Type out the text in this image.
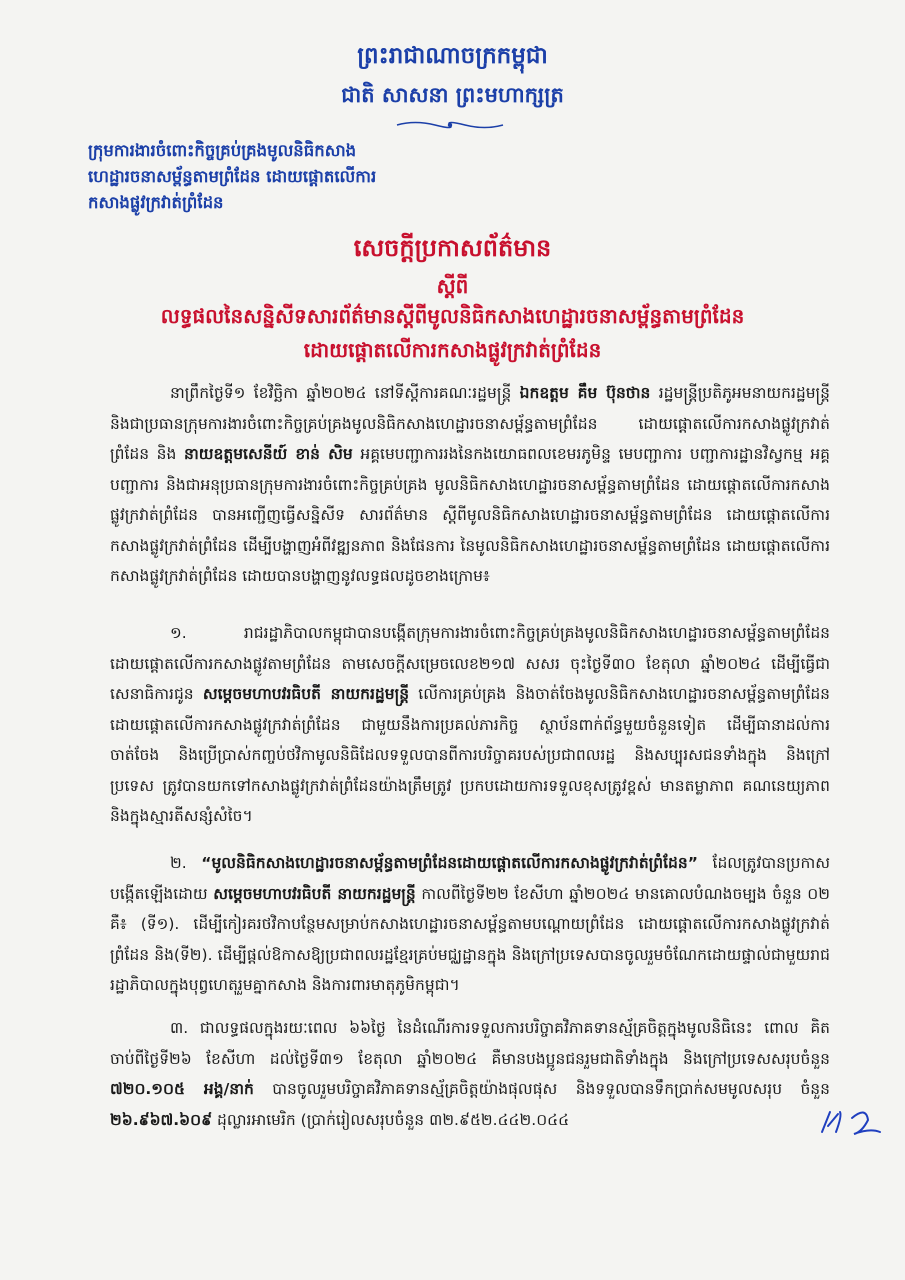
ព្រះរាជាណាចក្រកម្ពុជា
ជាតិ សាសនា ព្រះមហាក្សត្រ
ក្រុមការងារចំពោះកិច្ចគ្រប់គ្រងមូលនិធិកសាង
ហេដ្ឋារចនាសម្ព័ន្ធតាមព្រំដែន ដោយផ្តោតលើការ
កសាងផ្លូវក្រវាត់ព្រំដែន
សេចក្តីប្រកាសព័ត៌មាន
ស្តីពី
លទ្ធផលនៃសន្និសីទសារព័ត៌មានស្តីពីមូលនិធិកសាងហេដ្ឋារចនាសម្ព័ន្ធតាមព្រំដែន
ដោយផ្តោតលើការកសាងផ្លូវក្រវាត់ព្រំដែន
នាព្រឹកថ្ងៃទី១ ខែវិច្ឆិកា ឆ្នាំ២០២៤ នៅទីស្តីការគណៈរដ្ឋមន្ត្រី ឯកឧត្តម គឹម ប៊ុនថាន រដ្ឋមន្ត្រីប្រតិភូអមនាយករដ្ឋមន្ត្រី និងជាប្រធានក្រុមការងារចំពោះកិច្ចគ្រប់គ្រងមូលនិធិកសាងហេដ្ឋារចនាសម្ព័ន្ធតាមព្រំដែន ដោយផ្តោតលើការកសាងផ្លូវក្រវាត់ព្រំដែន និង នាយឧត្តមសេនីយ៍ ខាន់ សិម អគ្គមេបញ្ជាការរងនៃកងយោធពលខេមរភូមិន្ទ មេបញ្ជាការ បញ្ជាការដ្ឋានវិស្វកម្ម អគ្គបញ្ជាការ និងជាអនុប្រធានក្រុមការងារចំពោះកិច្ចគ្រប់គ្រង មូលនិធិកសាងហេដ្ឋារចនាសម្ព័ន្ធតាមព្រំដែន ដោយផ្តោតលើការកសាងផ្លូវក្រវាត់ព្រំដែន បានអញ្ជើញធ្វើសន្និសីទ សារព័ត៌មាន ស្តីពីមូលនិធិកសាងហេដ្ឋារចនាសម្ព័ន្ធតាមព្រំដែន ដោយផ្តោតលើការកសាងផ្លូវក្រវាត់ព្រំដែន ដើម្បីបង្ហាញអំពីវឌ្ឍនភាព និងផែនការ នៃមូលនិធិកសាងហេដ្ឋារចនាសម្ព័ន្ធតាមព្រំដែន ដោយផ្តោតលើការកសាងផ្លូវក្រវាត់ព្រំដែន ដោយបានបង្ហាញនូវលទ្ធផលដូចខាងក្រោម៖
១. រាជរដ្ឋាភិបាលកម្ពុជាបានបង្កើតក្រុមការងារចំពោះកិច្ចគ្រប់គ្រងមូលនិធិកសាងហេដ្ឋារចនាសម្ព័ន្ធតាមព្រំដែន ដោយផ្តោតលើការកសាងផ្លូវតាមព្រំដែន តាមសេចក្តីសម្រេចលេខ២១៧ សសរ ចុះថ្ងៃទី៣០ ខែតុលា ឆ្នាំ២០២៤ ដើម្បីធ្វើជាសេនាធិការជូន សម្តេចមហាបវរធិបតី នាយករដ្ឋមន្ត្រី លើការគ្រប់គ្រង និងចាត់ចែងមូលនិធិកសាងហេដ្ឋារចនាសម្ព័ន្ធតាមព្រំដែន ដោយផ្តោតលើការកសាងផ្លូវក្រវាត់ព្រំដែន ជាមួយនឹងការប្រគល់ភារកិច្ច ស្ថាប័នពាក់ព័ន្ធមួយចំនួនទៀត ដើម្បីធានាដល់ការចាត់ចែង និងប្រើប្រាស់កញ្ចប់ថវិកាមូលនិធិដែលទទួលបានពីការបរិច្ចាគរបស់ប្រជាពលរដ្ឋ និងសប្បុរសជនទាំងក្នុង និងក្រៅប្រទេស ត្រូវបានយកទៅកសាងផ្លូវក្រវាត់ព្រំដែនយ៉ាងត្រឹមត្រូវ ប្រកបដោយការទទួលខុសត្រូវខ្ពស់ មានតម្លាភាព គណនេយ្យភាព និងក្នុងស្មារតីសន្សំសំចៃ។
២. “មូលនិធិកសាងហេដ្ឋារចនាសម្ព័ន្ធតាមព្រំដែនដោយផ្តោតលើការកសាងផ្លូវក្រវាត់ព្រំដែន” ដែលត្រូវបានប្រកាសបង្កើតឡើងដោយ សម្តេចមហាបវរធិបតី នាយករដ្ឋមន្ត្រី កាលពីថ្ងៃទី២២ ខែសីហា ឆ្នាំ២០២៤ មានគោលបំណងចម្បង ចំនួន ០២ គឺ៖ (ទី១). ដើម្បីកៀរគរថវិកាបន្ថែមសម្រាប់កសាងហេដ្ឋារចនាសម្ព័ន្ធតាមបណ្តោយព្រំដែន ដោយផ្តោតលើការកសាងផ្លូវក្រវាត់ព្រំដែន និង(ទី២). ដើម្បីផ្តល់ឱកាសឱ្យប្រជាពលរដ្ឋខ្មែរគ្រប់មជ្ឈដ្ឋានក្នុង និងក្រៅប្រទេសបានចូលរួមចំណែកដោយផ្ទាល់ជាមួយរាជរដ្ឋាភិបាលក្នុងបុព្វហេតុរួមគ្នាកសាង និងការពារមាតុភូមិកម្ពុជា។
៣. ជាលទ្ធផលក្នុងរយៈពេល ៦៦ថ្ងៃ នៃដំណើរការទទួលការបរិច្ចាគវិភាគទានស្ម័គ្រចិត្តក្នុងមូលនិធិនេះ ពោល គិតចាប់ពីថ្ងៃទី២៦ ខែសីហា ដល់ថ្ងៃទី៣១ ខែតុលា ឆ្នាំ២០២៤ គឺមានបងប្អូនជនរួមជាតិទាំងក្នុង និងក្រៅប្រទេសសរុបចំនួន ៧២០.១០៥ អង្គ/នាក់ បានចូលរួមបរិច្ចាគវិភាគទានស្ម័គ្រចិត្តយ៉ាងផុលផុស និងទទួលបានទឹកប្រាក់សមមូលសរុប ចំនួន ២៦.៩៦៧.៦០៩ ដុល្លារអាមេរិក (ប្រាក់រៀលសរុបចំនួន ៣២.៩៥២.៤៤២.០៤៤
